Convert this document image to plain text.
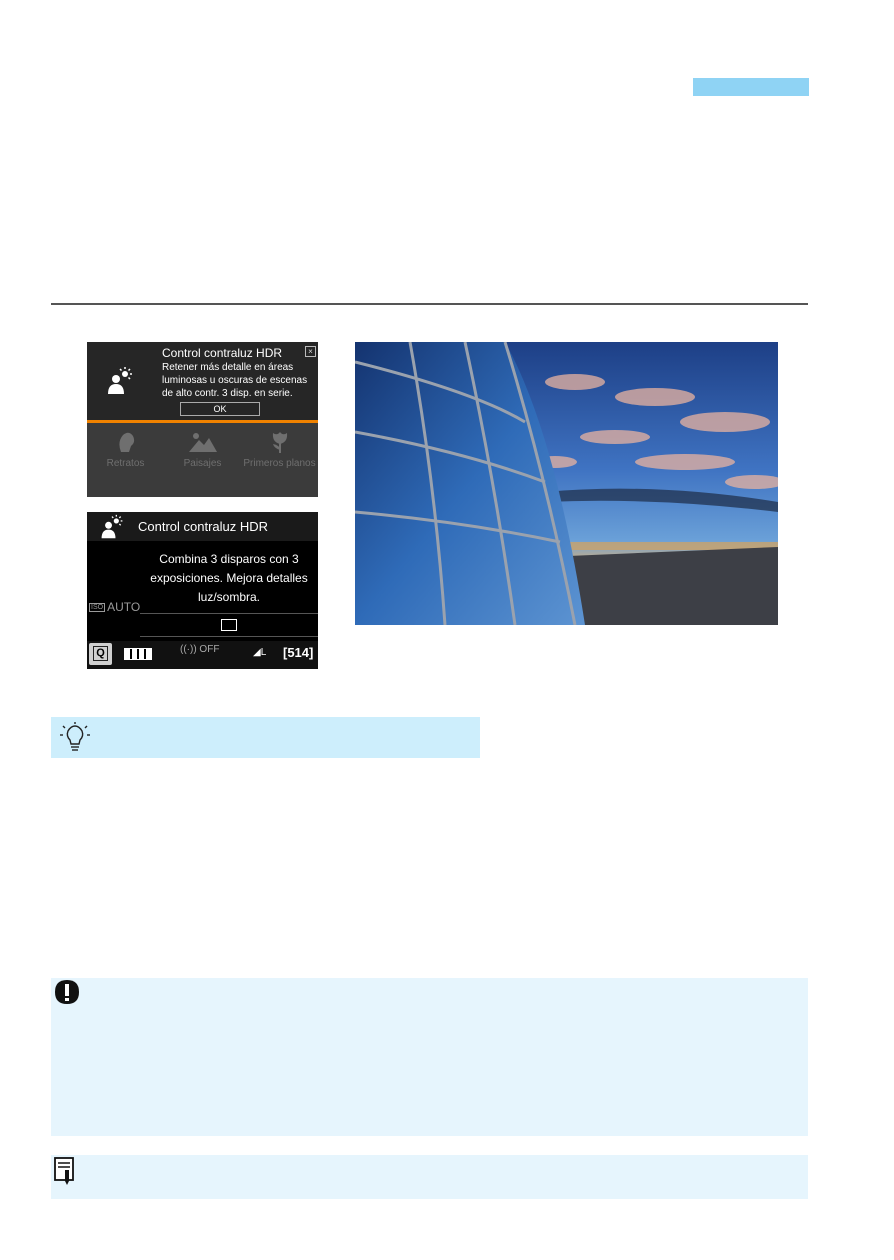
Control contraluz HDR	×
Retener más detalle en áreas luminosas u oscuras de escenas de alto contr. 3 disp. en serie.
OK
Retratos	Paisajes	Primeros planos
Control contraluz HDR
Combina 3 disparos con 3 exposiciones. Mejora detalles luz/sombra.
ISO AUTO
Q	((·)) OFF	◢L [514]
